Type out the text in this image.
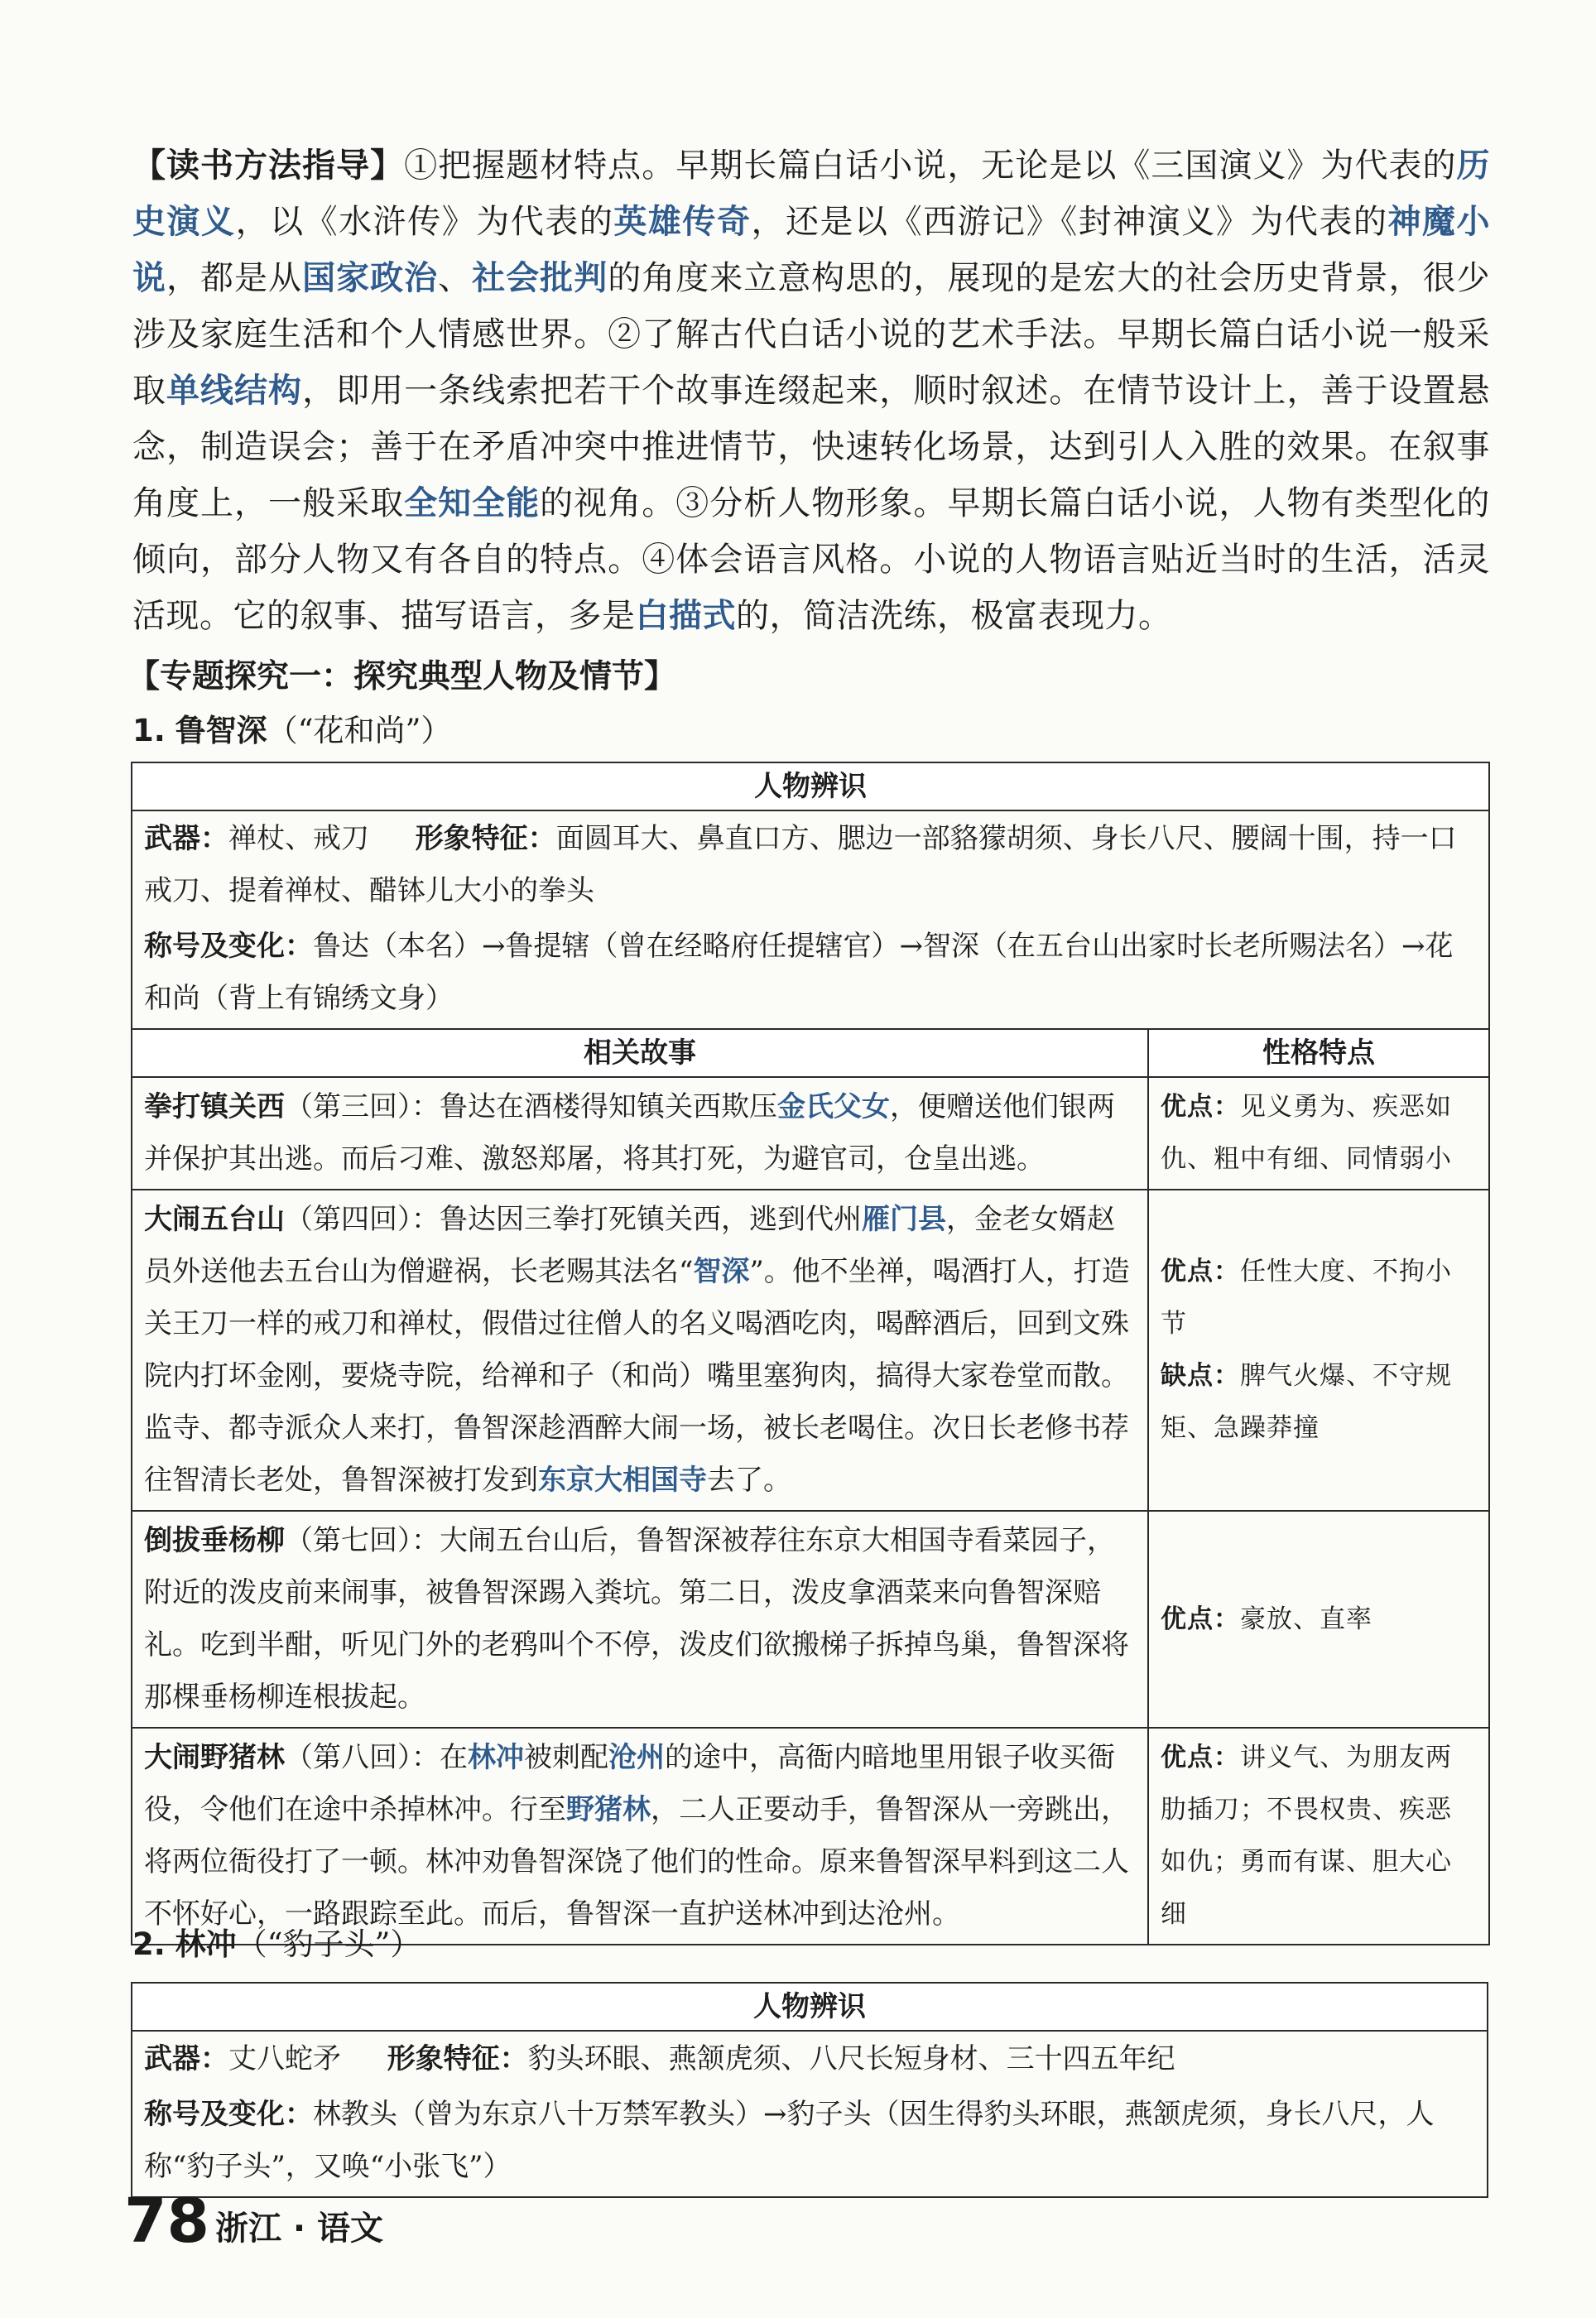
【读书方法指导】①把握题材特点。早期长篇白话小说，无论是以《三国演义》为代表的历史演义，以《水浒传》为代表的英雄传奇，还是以《西游记》《封神演义》为代表的神魔小说，都是从国家政治、社会批判的角度来立意构思的，展现的是宏大的社会历史背景，很少涉及家庭生活和个人情感世界。②了解古代白话小说的艺术手法。早期长篇白话小说一般采取单线结构，即用一条线索把若干个故事连缀起来，顺时叙述。在情节设计上，善于设置悬念，制造误会；善于在矛盾冲突中推进情节，快速转化场景，达到引人入胜的效果。在叙事角度上，一般采取全知全能的视角。③分析人物形象。早期长篇白话小说，人物有类型化的倾向，部分人物又有各自的特点。④体会语言风格。小说的人物语言贴近当时的生活，活灵活现。它的叙事、描写语言，多是白描式的，简洁洗练，极富表现力。
【专题探究一：探究典型人物及情节】
1. 鲁智深（“花和尚”）
人物辨识	

武器：禅杖、戒刀 形象特征：面圆耳大、鼻直口方、腮边一部貉獴胡须、身长八尺、腰阔十围，持一口戒刀、提着禅杖、醋钵儿大小的拳头
称号及变化：鲁达（本名）→鲁提辖（曾在经略府任提辖官）→智深（在五台山出家时长老所赐法名）→花和尚（背上有锦绣文身）	

相关故事	性格特点
拳打镇关西（第三回）：鲁达在酒楼得知镇关西欺压金氏父女，便赠送他们银两并保护其出逃。而后刁难、激怒郑屠，将其打死，为避官司，仓皇出逃。	优点：见义勇为、疾恶如仇、粗中有细、同情弱小

大闹五台山（第四回）：鲁达因三拳打死镇关西，逃到代州雁门县，金老女婿赵员外送他去五台山为僧避祸，长老赐其法名“智深”。他不坐禅，喝酒打人，打造关王刀一样的戒刀和禅杖，假借过往僧人的名义喝酒吃肉，喝醉酒后，回到文殊院内打坏金刚，要烧寺院，给禅和子（和尚）嘴里塞狗肉，搞得大家卷堂而散。监寺、都寺派众人来打，鲁智深趁酒醉大闹一场，被长老喝住。次日长老修书荐往智清长老处，鲁智深被打发到东京大相国寺去了。	优点：任性大度、不拘小节
缺点：脾气火爆、不守规矩、急躁莽撞

倒拔垂杨柳（第七回）：大闹五台山后，鲁智深被荐往东京大相国寺看菜园子，附近的泼皮前来闹事，被鲁智深踢入粪坑。第二日，泼皮拿酒菜来向鲁智深赔礼。吃到半酣，听见门外的老鸦叫个不停，泼皮们欲搬梯子拆掉鸟巢，鲁智深将那棵垂杨柳连根拔起。	优点：豪放、直率

大闹野猪林（第八回）：在林冲被刺配沧州的途中，高衙内暗地里用银子收买衙役，令他们在途中杀掉林冲。行至野猪林，二人正要动手，鲁智深从一旁跳出，将两位衙役打了一顿。林冲劝鲁智深饶了他们的性命。原来鲁智深早料到这二人不怀好心，一路跟踪至此。而后，鲁智深一直护送林冲到达沧州。	优点：讲义气、为朋友两肋插刀；不畏权贵、疾恶如仇；勇而有谋、胆大心细
2. 林冲（“豹子头”）
人物辨识

武器：丈八蛇矛 形象特征：豹头环眼、燕颔虎须、八尺长短身材、三十四五年纪
称号及变化：林教头（曾为东京八十万禁军教头）→豹子头（因生得豹头环眼，燕颔虎须，身长八尺，人称“豹子头”，又唤“小张飞”）
78 浙江 · 语文
